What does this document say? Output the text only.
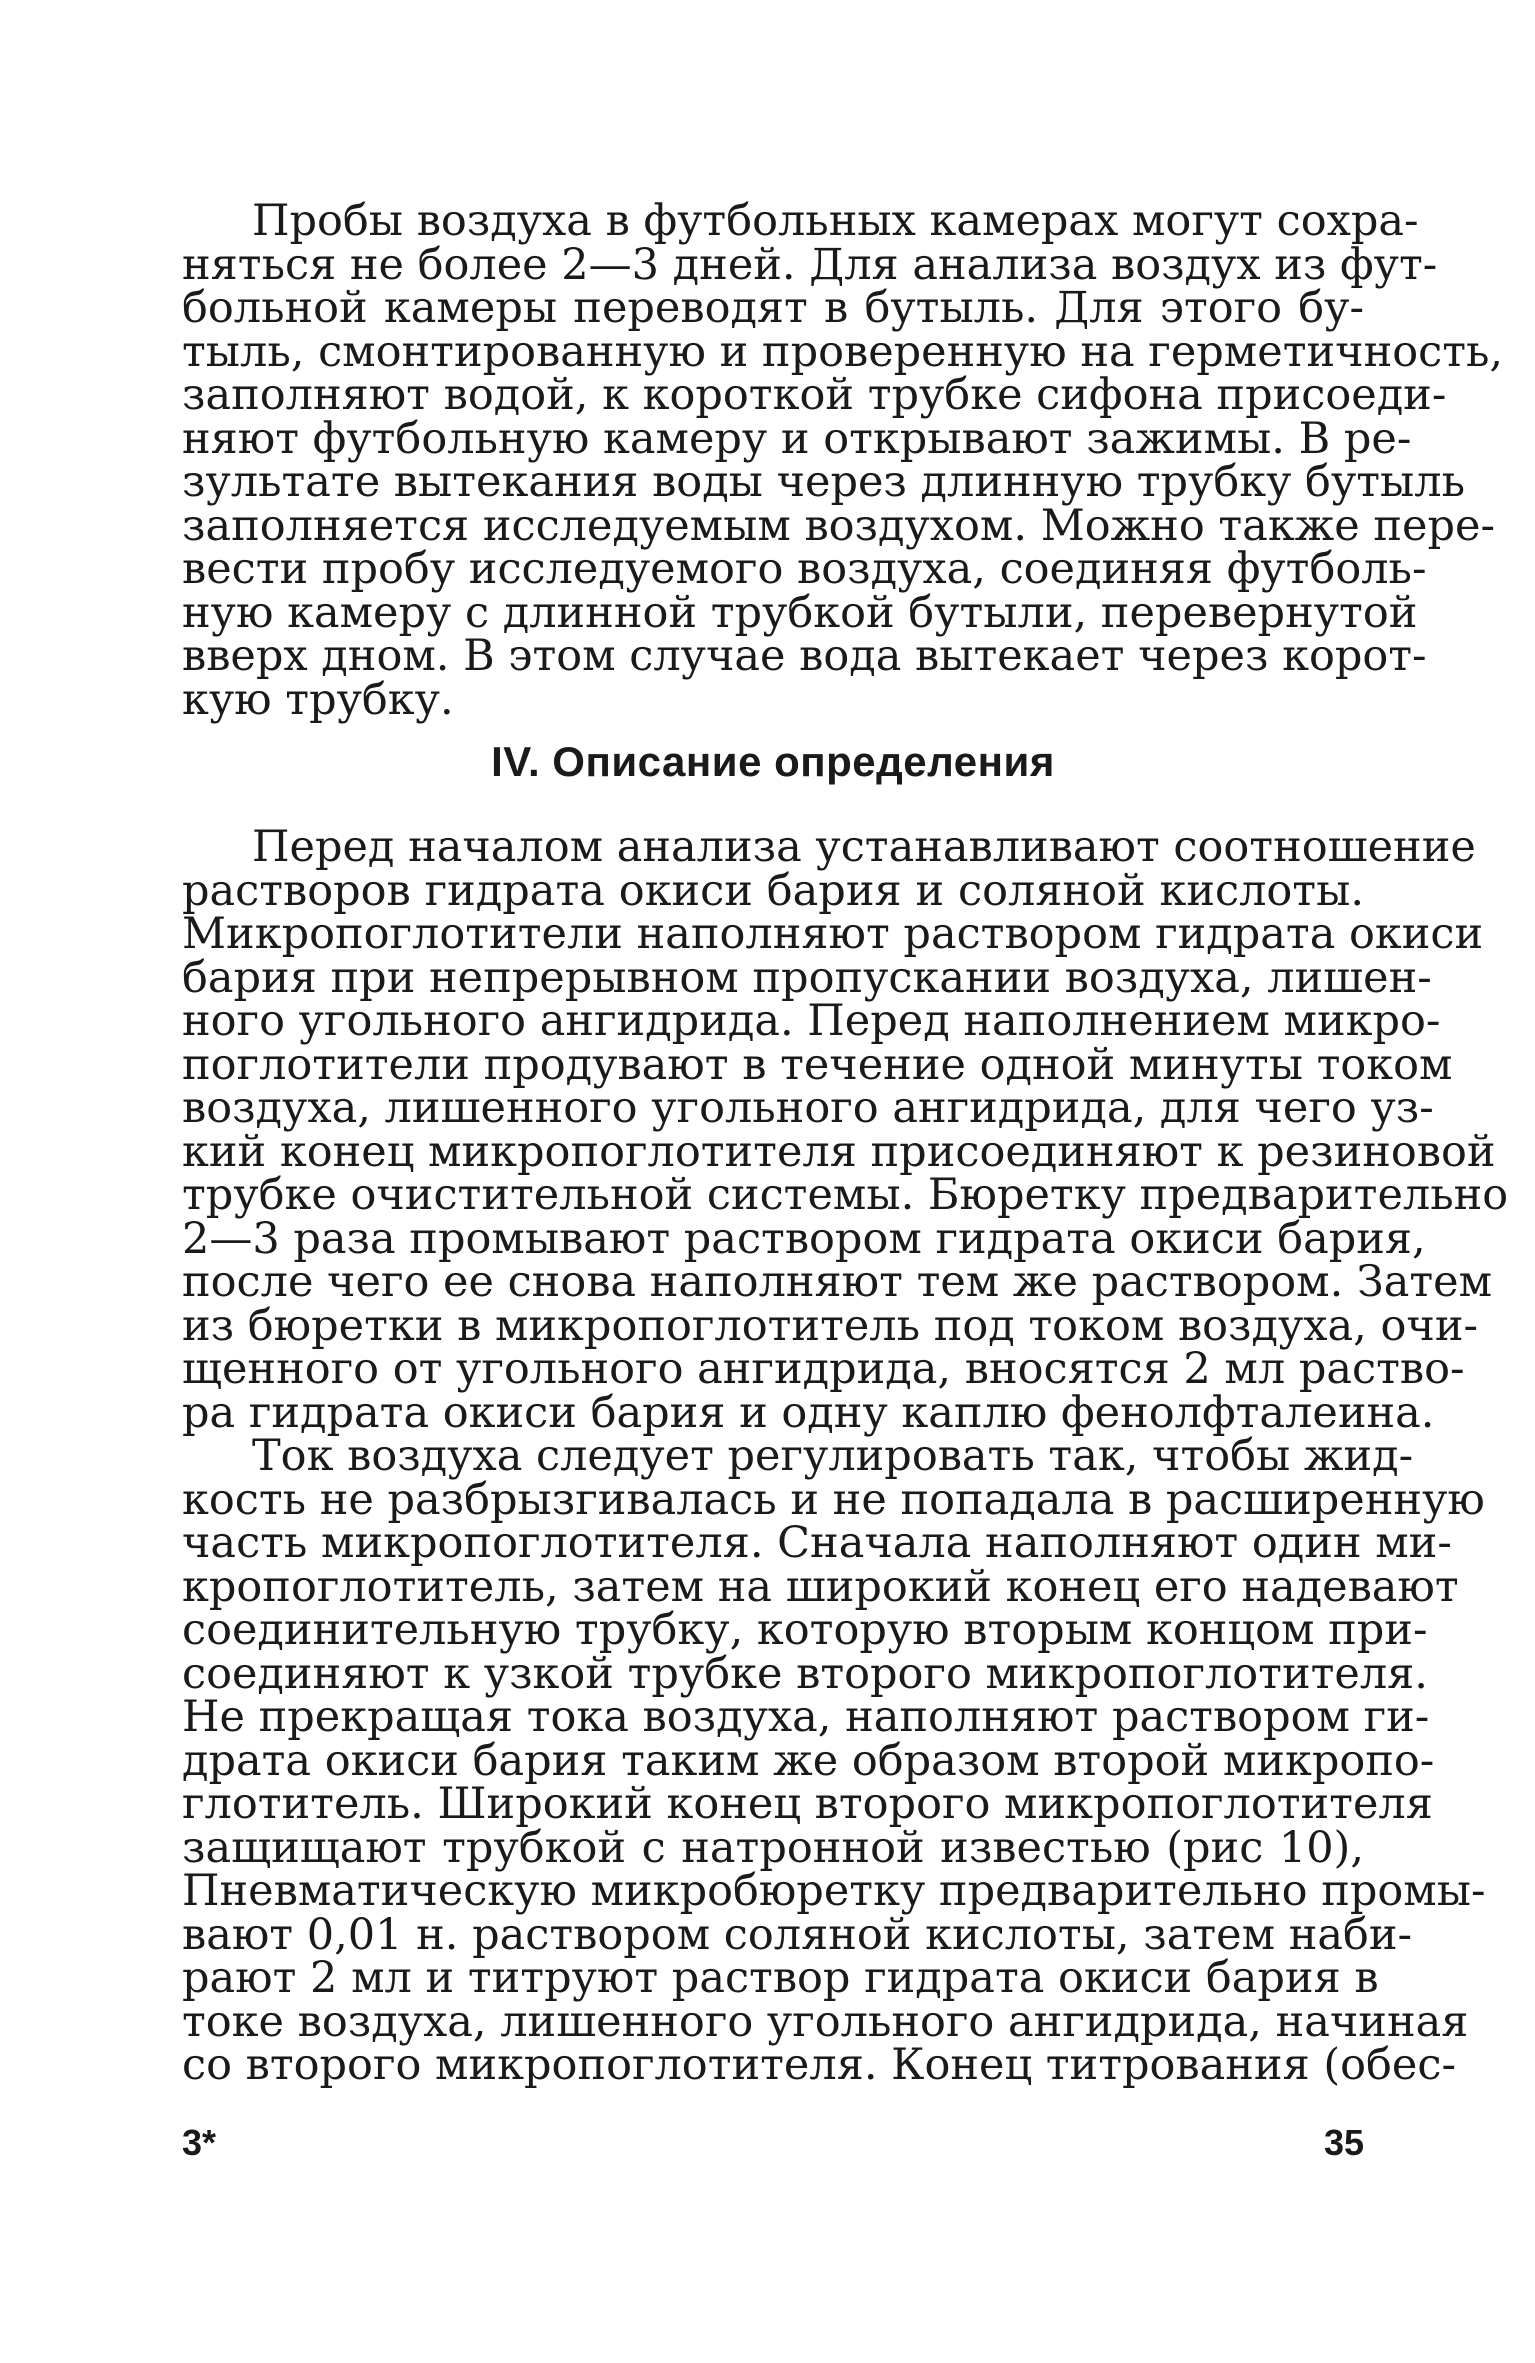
Пробы воздуха в футбольных камерах могут сохра-
няться не более 2—3 дней. Для анализа воздух из фут-
больной камеры переводят в бутыль. Для этого бу-
тыль, смонтированную и проверенную на герметичность,
заполняют водой, к короткой трубке сифона присоеди-
няют футбольную камеру и открывают зажимы. В ре-
зультате вытекания воды через длинную трубку бутыль
заполняется исследуемым воздухом. Можно также пере-
вести пробу исследуемого воздуха, соединяя футболь-
ную камеру с длинной трубкой бутыли, перевернутой
вверх дном. В этом случае вода вытекает через корот-
кую трубку.
IV. Описание определения
Перед началом анализа устанавливают соотношение
растворов гидрата окиси бария и соляной кислоты.
Микропоглотители наполняют раствором гидрата окиси
бария при непрерывном пропускании воздуха, лишен-
ного угольного ангидрида. Перед наполнением микро-
поглотители продувают в течение одной минуты током
воздуха, лишенного угольного ангидрида, для чего уз-
кий конец микропоглотителя присоединяют к резиновой
трубке очистительной системы. Бюретку предварительно
2—3 раза промывают раствором гидрата окиси бария,
после чего ее снова наполняют тем же раствором. Затем
из бюретки в микропоглотитель под током воздуха, очи-
щенного от угольного ангидрида, вносятся 2 мл раство-
ра гидрата окиси бария и одну каплю фенолфталеина.
Ток воздуха следует регулировать так, чтобы жид-
кость не разбрызгивалась и не попадала в расширенную
часть микропоглотителя. Сначала наполняют один ми-
кропоглотитель, затем на широкий конец его надевают
соединительную трубку, которую вторым концом при-
соединяют к узкой трубке второго микропоглотителя.
Не прекращая тока воздуха, наполняют раствором ги-
драта окиси бария таким же образом второй микропо-
глотитель. Широкий конец второго микропоглотителя
защищают трубкой с натронной известью (рис 10),
Пневматическую микробюретку предварительно промы-
вают 0,01 н. раствором соляной кислоты, затем наби-
рают 2 мл и титруют раствор гидрата окиси бария в
токе воздуха, лишенного угольного ангидрида, начиная
со второго микропоглотителя. Конец титрования (обес-
3*	35
